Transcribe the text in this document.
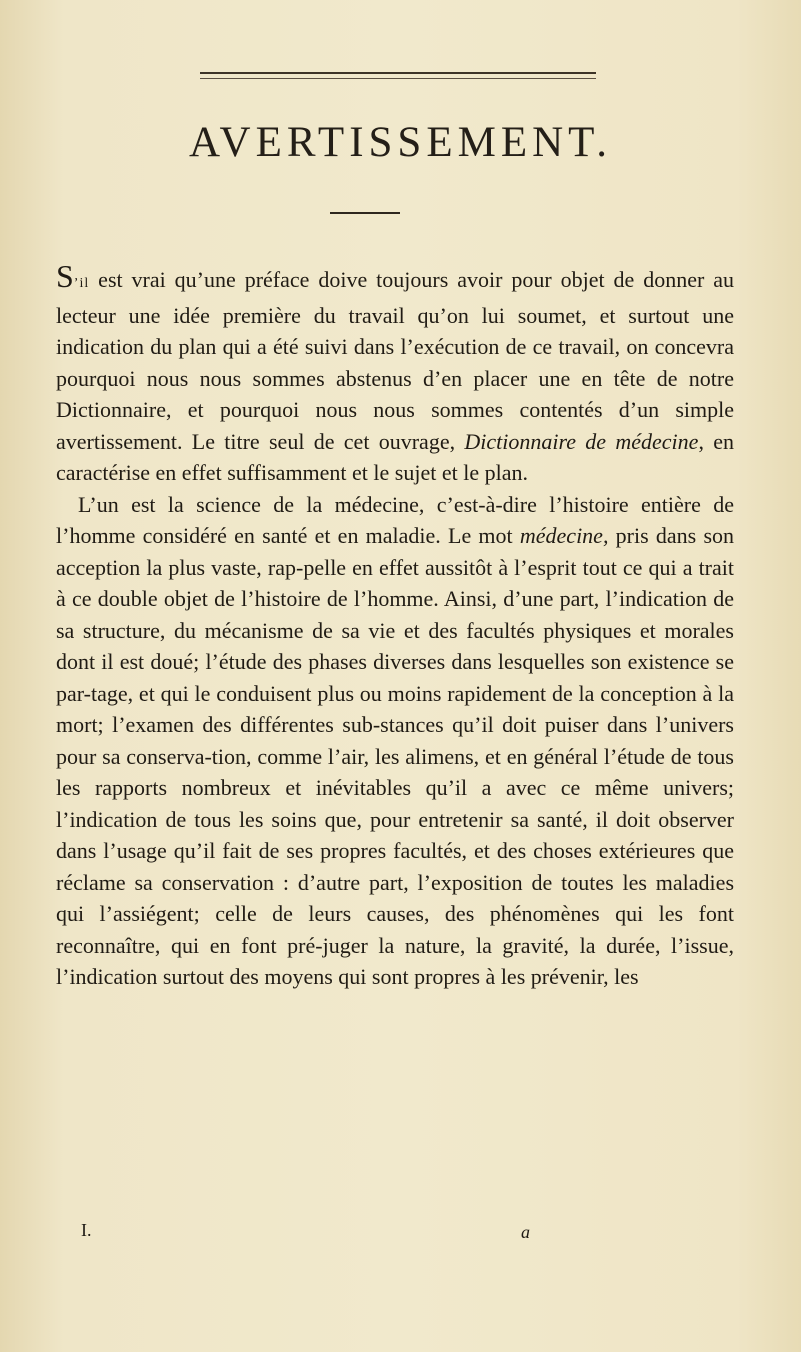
AVERTISSEMENT.

S’il est vrai qu’une préface doive toujours avoir pour objet de donner au lecteur une idée première du travail qu’on lui soumet, et surtout une indication du plan qui a été suivi dans l’exécution de ce travail, on concevra pourquoi nous nous sommes abstenus d’en placer une en tête de notre Dictionnaire, et pourquoi nous nous sommes contentés d’un simple avertissement. Le titre seul de cet ouvrage, Dictionnaire de médecine, en caractérise en effet suffisamment et le sujet et le plan.

L’un est la science de la médecine, c’est-à-dire l’histoire entière de l’homme considéré en santé et en maladie. Le mot médecine, pris dans son acception la plus vaste, rap-pelle en effet aussitôt à l’esprit tout ce qui a trait à ce double objet de l’histoire de l’homme. Ainsi, d’une part, l’indication de sa structure, du mécanisme de sa vie et des facultés physiques et morales dont il est doué; l’étude des phases diverses dans lesquelles son existence se par-tage, et qui le conduisent plus ou moins rapidement de la conception à la mort; l’examen des différentes sub-stances qu’il doit puiser dans l’univers pour sa conserva-tion, comme l’air, les alimens, et en général l’étude de tous les rapports nombreux et inévitables qu’il a avec ce même univers; l’indication de tous les soins que, pour entretenir sa santé, il doit observer dans l’usage qu’il fait de ses propres facultés, et des choses extérieures que réclame sa conservation : d’autre part, l’exposition de toutes les maladies qui l’assiégent; celle de leurs causes, des phénomènes qui les font reconnaître, qui en font pré-juger la nature, la gravité, la durée, l’issue, l’indication surtout des moyens qui sont propres à les prévenir, les

I.	a
